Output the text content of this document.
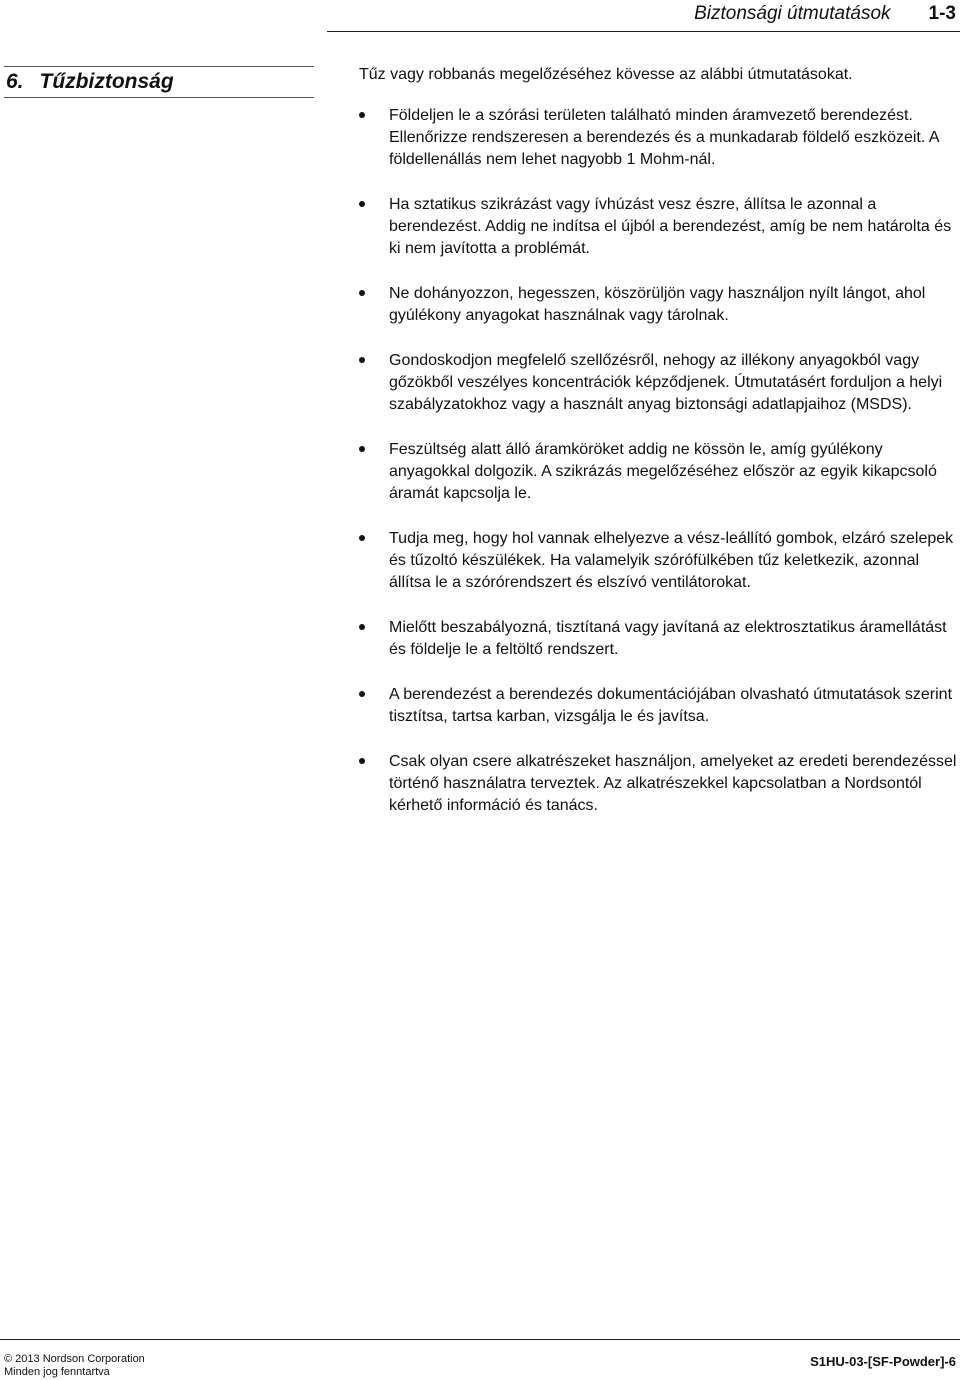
Biztonsági útmutatások 1-3
6. Tűzbiztonság	Tűz vagy robbanás megelőzéséhez kövesse az alábbi útmutatásokat.

Földeljen le a szórási területen található minden áramvezető berendezést. Ellenőrizze rendszeresen a berendezés és a munkadarab földelő eszközeit. A földellenállás nem lehet nagyobb 1 Mohm-nál.
Ha sztatikus szikrázást vagy ívhúzást vesz észre, állítsa le azonnal a berendezést. Addig ne indítsa el újból a berendezést, amíg be nem határolta és ki nem javította a problémát.
Ne dohányozzon, hegesszen, köszörüljön vagy használjon nyílt lángot, ahol gyúlékony anyagokat használnak vagy tárolnak.
Gondoskodjon megfelelő szellőzésről, nehogy az illékony anyagokból vagy gőzökből veszélyes koncentrációk képződjenek. Útmutatásért forduljon a helyi szabályzatokhoz vagy a használt anyag biztonsági adatlapjaihoz (MSDS).
Feszültség alatt álló áramköröket addig ne kössön le, amíg gyúlékony anyagokkal dolgozik. A szikrázás megelőzéséhez először az egyik kikapcsoló áramát kapcsolja le.
Tudja meg, hogy hol vannak elhelyezve a vész-leállító gombok, elzáró szelepek és tűzoltó készülékek. Ha valamelyik szórófülkében tűz keletkezik, azonnal állítsa le a szórórendszert és elszívó ventilátorokat.
Mielőtt beszabályozná, tisztítaná vagy javítaná az elektrosztatikus áramellátást és földelje le a feltöltő rendszert.
A berendezést a berendezés dokumentációjában olvasható útmutatások szerint tisztítsa, tartsa karban, vizsgálja le és javítsa.
Csak olyan csere alkatrészeket használjon, amelyeket az eredeti berendezéssel történő használatra terveztek. Az alkatrészekkel kapcsolatban a Nordsontól kérhető információ és tanács.
© 2013 Nordson Corporation
Minden jog fenntartva
S1HU-03-[SF-Powder]-6
